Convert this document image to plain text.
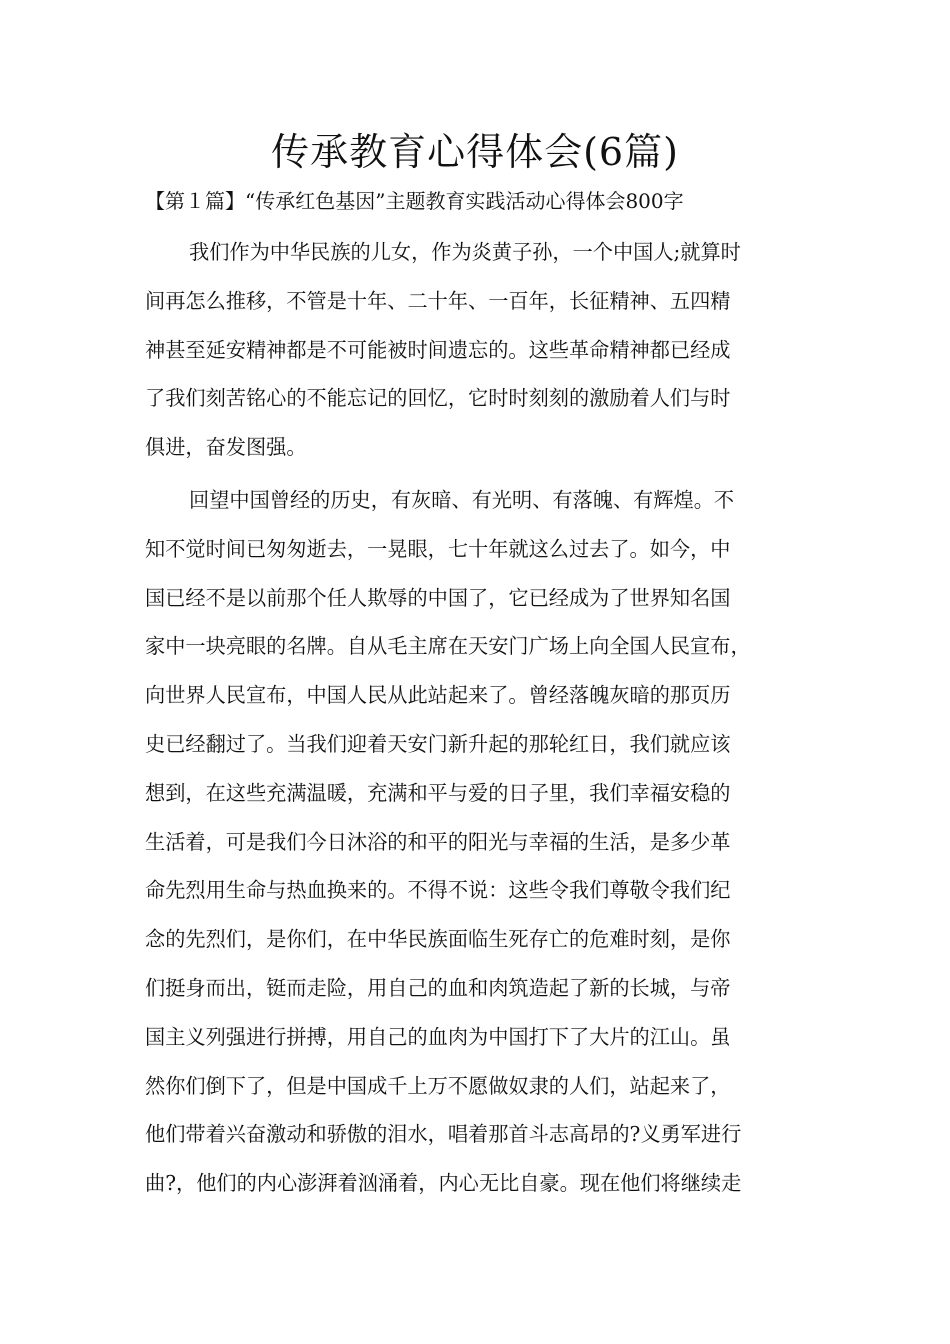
传承教育心得体会(6篇)
【第１篇】“传承红色基因”主题教育实践活动心得体会800字
我们作为中华民族的儿女，作为炎黄子孙，一个中国人;就算时
间再怎么推移，不管是十年、二十年、一百年，长征精神、五四精
神甚至延安精神都是不可能被时间遗忘的。这些革命精神都已经成
了我们刻苦铭心的不能忘记的回忆，它时时刻刻的激励着人们与时
俱进，奋发图强。
回望中国曾经的历史，有灰暗、有光明、有落魄、有辉煌。不
知不觉时间已匆匆逝去，一晃眼，七十年就这么过去了。如今，中
国已经不是以前那个任人欺辱的中国了，它已经成为了世界知名国
家中一块亮眼的名牌。自从毛主席在天安门广场上向全国人民宣布，
向世界人民宣布，中国人民从此站起来了。曾经落魄灰暗的那页历
史已经翻过了。当我们迎着天安门新升起的那轮红日，我们就应该
想到，在这些充满温暖，充满和平与爱的日子里，我们幸福安稳的
生活着，可是我们今日沐浴的和平的阳光与幸福的生活，是多少革
命先烈用生命与热血换来的。不得不说：这些令我们尊敬令我们纪
念的先烈们，是你们，在中华民族面临生死存亡的危难时刻，是你
们挺身而出，铤而走险，用自己的血和肉筑造起了新的长城，与帝
国主义列强进行拼搏，用自己的血肉为中国打下了大片的江山。虽
然你们倒下了，但是中国成千上万不愿做奴隶的人们，站起来了，
他们带着兴奋激动和骄傲的泪水，唱着那首斗志高昂的?义勇军进行
曲?，他们的内心澎湃着汹涌着，内心无比自豪。现在他们将继续走
